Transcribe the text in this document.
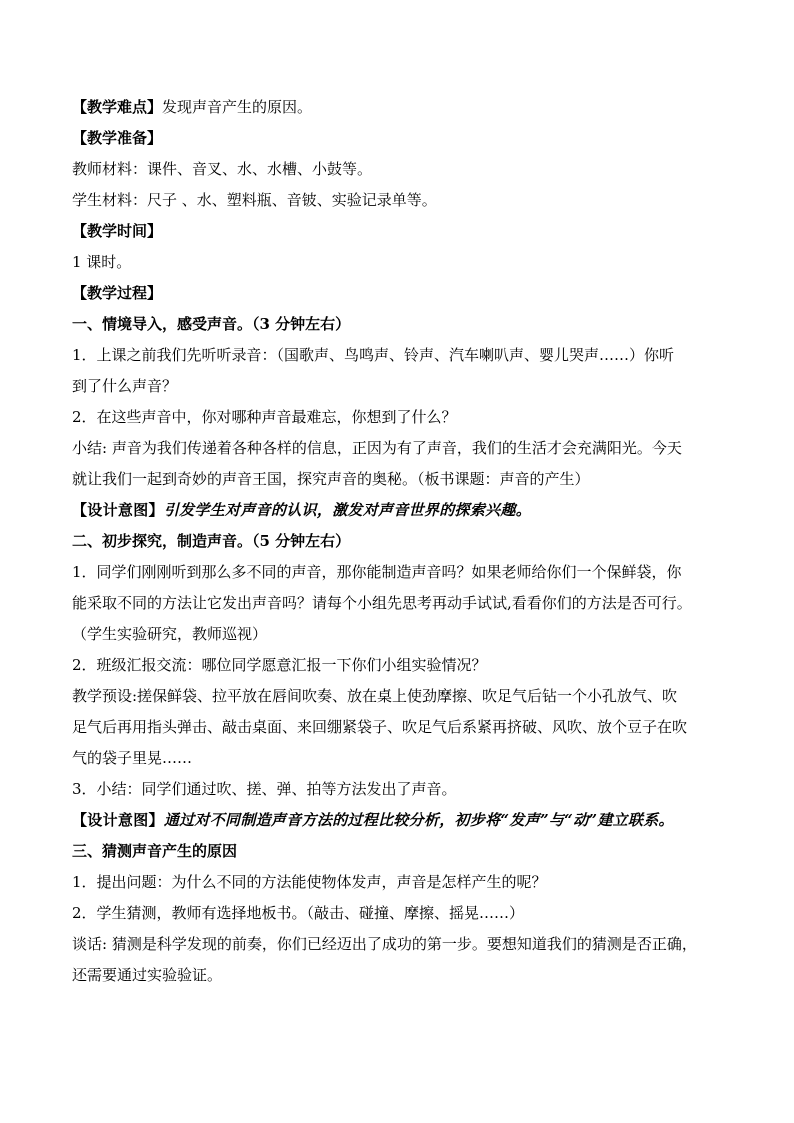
【教学难点】发现声音产生的原因。
【教学准备】
教师材料：课件、音叉、水、水槽、小鼓等。
学生材料：尺子 、水、塑料瓶、音铍、实验记录单等。
【教学时间】
1 课时。
【教学过程】
一、情境导入，感受声音。（3 分钟左右）
1．上课之前我们先听听录音：（国歌声、鸟鸣声、铃声、汽车喇叭声、婴儿哭声……）你听
到了什么声音？
2．在这些声音中，你对哪种声音最难忘，你想到了什么？
小结: 声音为我们传递着各种各样的信息，正因为有了声音，我们的生活才会充满阳光。今天
就让我们一起到奇妙的声音王国，探究声音的奥秘。（板书课题：声音的产生）
【设计意图】引发学生对声音的认识，激发对声音世界的探索兴趣。
二、初步探究，制造声音。（5 分钟左右）
1．同学们刚刚听到那么多不同的声音，那你能制造声音吗？如果老师给你们一个保鲜袋，你
能采取不同的方法让它发出声音吗？请每个小组先思考再动手试试,看看你们的方法是否可行。
（学生实验研究，教师巡视）
2．班级汇报交流：哪位同学愿意汇报一下你们小组实验情况？
教学预设:搓保鲜袋、拉平放在唇间吹奏、放在桌上使劲摩擦、吹足气后钻一个小孔放气、吹
足气后再用指头弹击、敲击桌面、来回绷紧袋子、吹足气后系紧再挤破、风吹、放个豆子在吹
气的袋子里晃……
3．小结：同学们通过吹、搓、弹、拍等方法发出了声音。
【设计意图】通过对不同制造声音方法的过程比较分析，初步将“发声”与“动”建立联系。
三、猜测声音产生的原因
1．提出问题：为什么不同的方法能使物体发声，声音是怎样产生的呢？
2．学生猜测，教师有选择地板书。（敲击、碰撞、摩擦、摇晃……）
谈话: 猜测是科学发现的前奏，你们已经迈出了成功的第一步。要想知道我们的猜测是否正确，
还需要通过实验验证。
